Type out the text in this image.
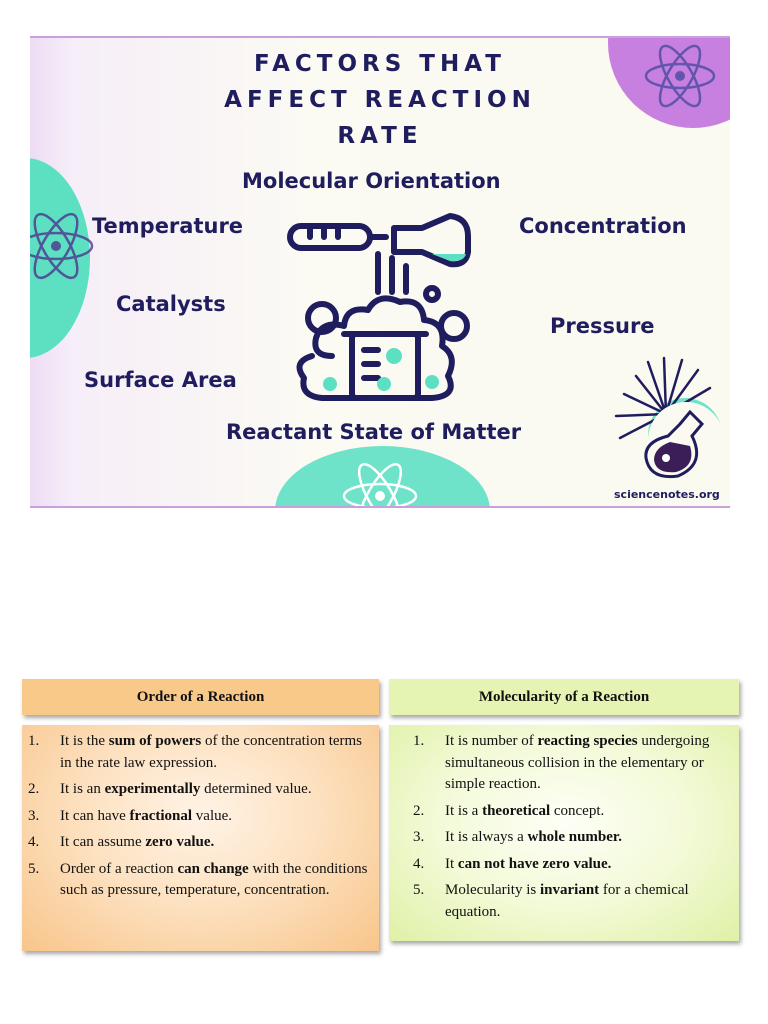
FACTORS THAT
AFFECT REACTION
RATE
Molecular Orientation
Temperature	Concentration
Catalysts
Pressure
Surface Area
Reactant State of Matter
sciencenotes.org
Order of a Reaction
1.	It is the sum of powers of the concentration terms in the rate law expression.
2.	It is an experimentally determined value.
3.	It can have fractional value.
4.	It can assume zero value.
5.	Order of a reaction can change with the conditions such as pressure, temperature, concentration.
Molecularity of a Reaction
1.	It is number of reacting species undergoing simultaneous collision in the elementary or simple reaction.
2.	It is a theoretical concept.
3.	It is always a whole number.
4.	It can not have zero value.
5.	Molecularity is invariant for a chemical equation.
